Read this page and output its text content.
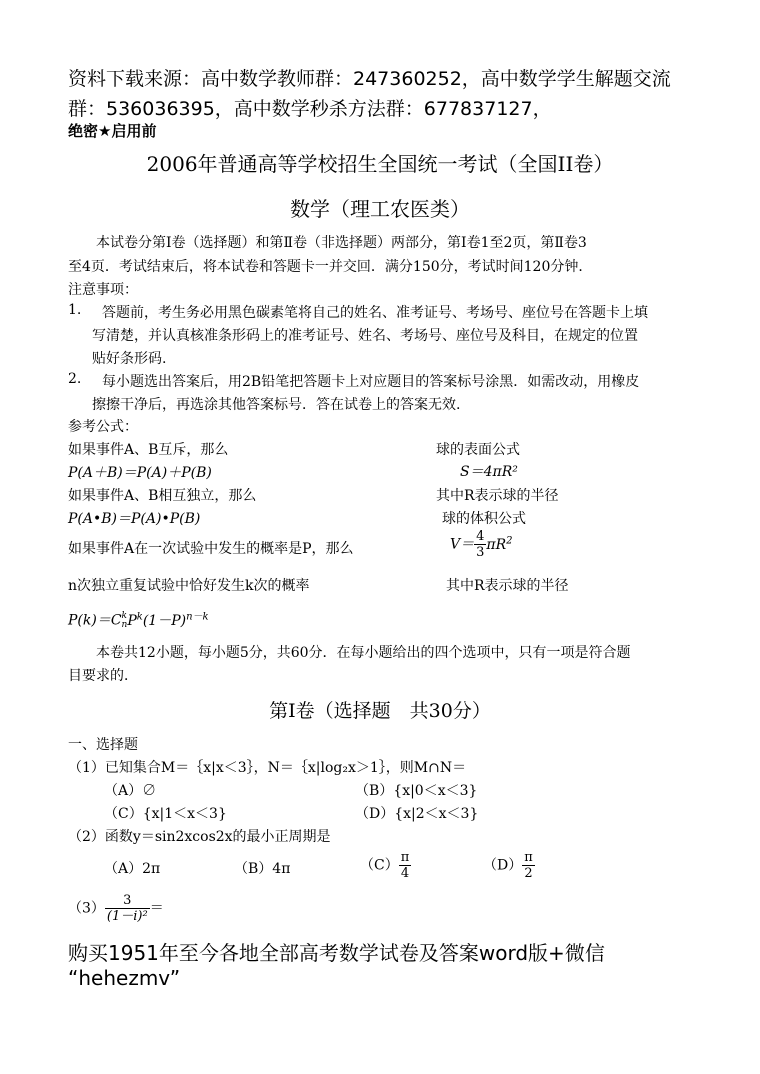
资料下载来源：高中数学教师群：247360252，高中数学学生解题交流
群：536036395，高中数学秒杀方法群：677837127，
绝密★启用前
2006年普通高等学校招生全国统一考试（全国II卷）
数学（理工农医类）
本试卷分第Ⅰ卷（选择题）和第Ⅱ卷（非选择题）两部分，第Ⅰ卷1至2页，第Ⅱ卷3
至4页．考试结束后，将本试卷和答题卡一并交回．满分150分，考试时间120分钟．
注意事项：
1. 答题前，考生务必用黑色碳素笔将自己的姓名、准考证号、考场号、座位号在答题卡上填
写清楚，并认真核准条形码上的准考证号、姓名、考场号、座位号及科目，在规定的位置
贴好条形码.
2. 每小题选出答案后，用2B铅笔把答题卡上对应题目的答案标号涂黑．如需改动，用橡皮
擦擦干净后，再选涂其他答案标号．答在试卷上的答案无效.
参考公式：
如果事件A、B互斥，那么
P(A＋B)＝P(A)＋P(B)
如果事件A、B相互独立，那么
P(A•B)＝P(A)•P(B)
如果事件A在一次试验中发生的概率是P，那么
n次独立重复试验中恰好发生k次的概率
P(k)＝C k
n $P^k(1-P)^{n-k}$
球的表面公式
S＝4πR²
其中R表示球的半径
球的体积公式
$V= \frac{4}{3} \pi R^2$
其中R表示球的半径
本卷共12小题，每小题5分，共60分．在每小题给出的四个选项中，只有一项是符合题
目要求的．
第Ⅰ卷（选择题　共30分）
一、选择题
（1）已知集合M＝｛x|x＜3｝，N＝｛x|log₂x＞1｝，则M∩N＝
（A）∅	（B）{x|0＜x＜3}
（C）{x|1＜x＜3}	（D）{x|2＜x＜3}
（2）函数y＝sin2xcos2x的最小正周期是
（A）2π	（B）4π	$(C) \frac{\pi}{4}$	$(D) \frac{\pi}{2}$
$(3) \frac{3}{\text{(1－i)²}}$ ＝
购买1951年至今各地全部高考数学试卷及答案word版+微信
“hehezmv”
